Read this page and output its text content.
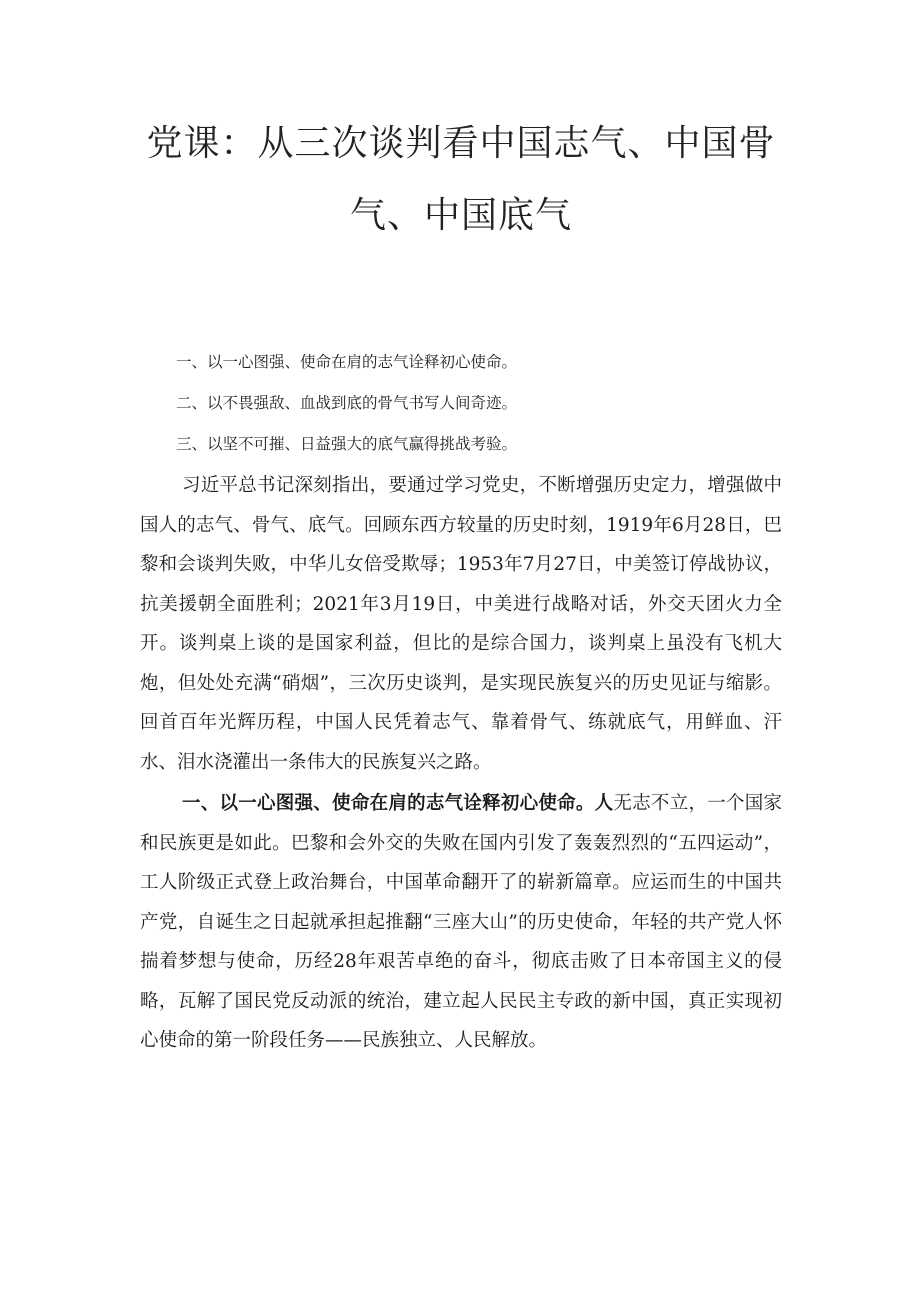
党课：从三次谈判看中国志气、中国骨
气、中国底气
一、以一心图强、使命在肩的志气诠释初心使命。
二、以不畏强敌、血战到底的骨气书写人间奇迹。
三、以坚不可摧、日益强大的底气赢得挑战考验。

习近平总书记深刻指出，要通过学习党史，不断增强历史定力，增强做中国人的志气、骨气、底气。回顾东西方较量的历史时刻，1919年6月28日，巴黎和会谈判失败，中华儿女倍受欺辱；1953年7月27日，中美签订停战协议，抗美援朝全面胜利；2021年3月19日，中美进行战略对话，外交天团火力全开。谈判桌上谈的是国家利益，但比的是综合国力，谈判桌上虽没有飞机大炮，但处处充满“硝烟”，三次历史谈判，是实现民族复兴的历史见证与缩影。回首百年光辉历程，中国人民凭着志气、靠着骨气、练就底气，用鲜血、汗水、泪水浇灌出一条伟大的民族复兴之路。

一、以一心图强、使命在肩的志气诠释初心使命。人无志不立，一个国家和民族更是如此。巴黎和会外交的失败在国内引发了轰轰烈烈的“五四运动”，工人阶级正式登上政治舞台，中国革命翻开了的崭新篇章。应运而生的中国共产党，自诞生之日起就承担起推翻“三座大山”的历史使命，年轻的共产党人怀揣着梦想与使命，历经28年艰苦卓绝的奋斗，彻底击败了日本帝国主义的侵略，瓦解了国民党反动派的统治，建立起人民民主专政的新中国，真正实现初心使命的第一阶段任务——民族独立、人民解放。
